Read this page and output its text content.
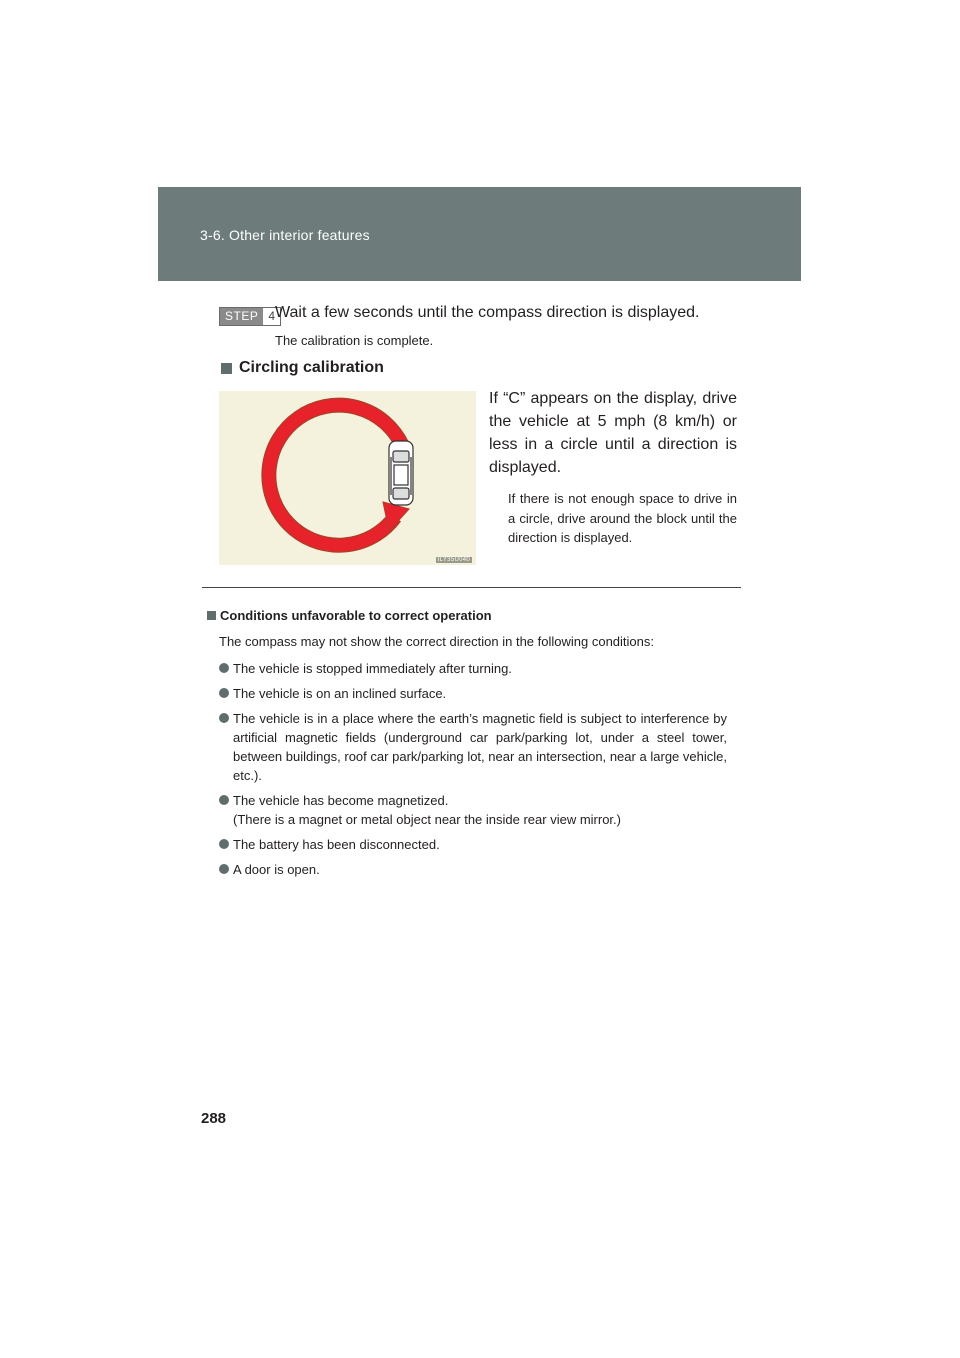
3-6. Other interior features
STEP 4 Wait a few seconds until the compass direction is displayed.
The calibration is complete.
Circling calibration
ILY35U040
If “C” appears on the display, drive the vehicle at 5 mph (8 km/h) or less in a circle until a direction is displayed.
If there is not enough space to drive in a circle, drive around the block until the direction is displayed.
Conditions unfavorable to correct operation
The compass may not show the correct direction in the following conditions:
The vehicle is stopped immediately after turning.
The vehicle is on an inclined surface.
The vehicle is in a place where the earth’s magnetic field is subject to interference by artificial magnetic fields (underground car park/parking lot, under a steel tower, between buildings, roof car park/parking lot, near an intersection, near a large vehicle, etc.).
The vehicle has become magnetized.
(There is a magnet or metal object near the inside rear view mirror.)
The battery has been disconnected.
A door is open.
288
